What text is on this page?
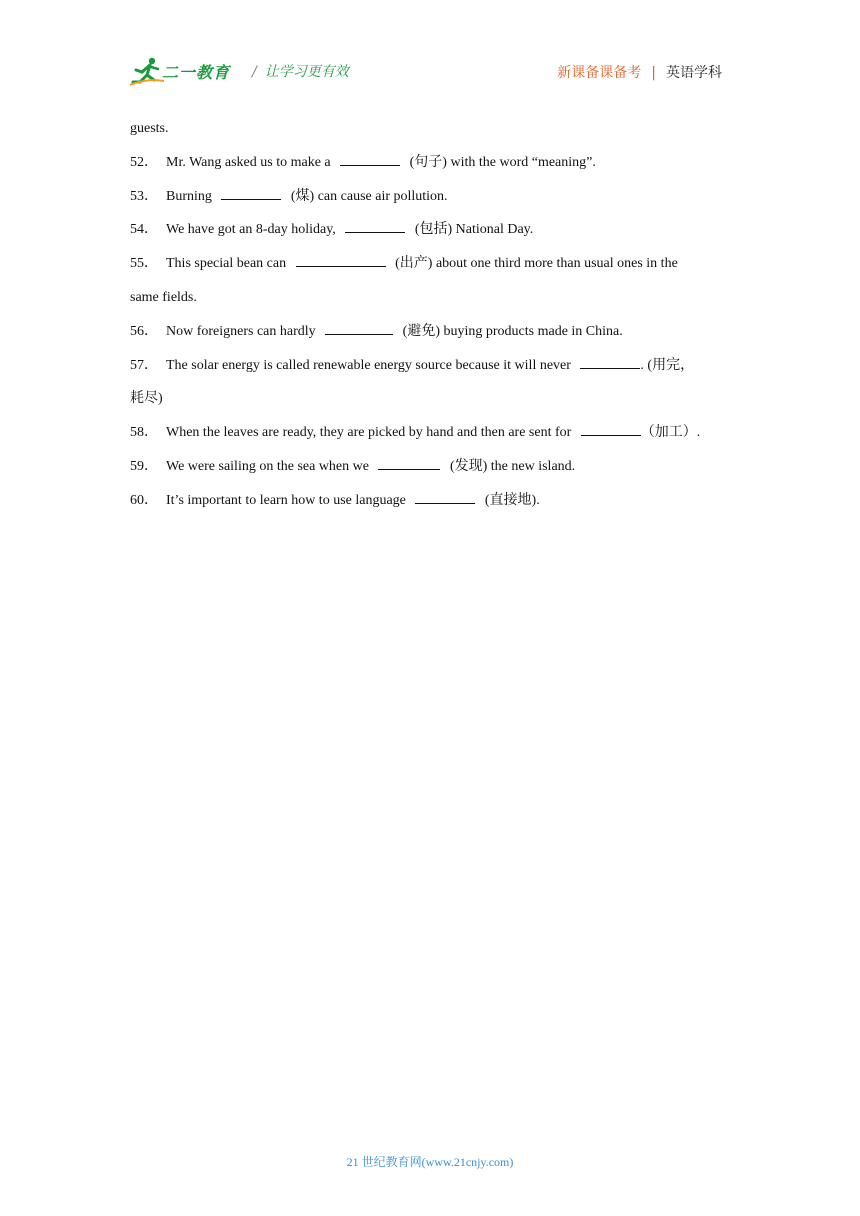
二一教育 / 让学习更有效	新课备课备考 | 英语学科
guests.
52． Mr. Wang asked us to make a	(句子) with the word “meaning”.
53． Burning	(煤) can cause air pollution.
54． We have got an 8-day holiday,	(包括) National Day.
55． This special bean can	(出产) about one third more than usual ones in the
same fields.
56． Now foreigners can hardly	(避免) buying products made in China.
57． The solar energy is called renewable energy source because it will never	. (用完，
耗尽)
58． When the leaves are ready, they are picked by hand and then are sent for	（加工）.
59． We were sailing on the sea when we	(发现) the new island.
60． It’s important to learn how to use language	(直接地).
21 世纪教育网(www.21cnjy.com)
